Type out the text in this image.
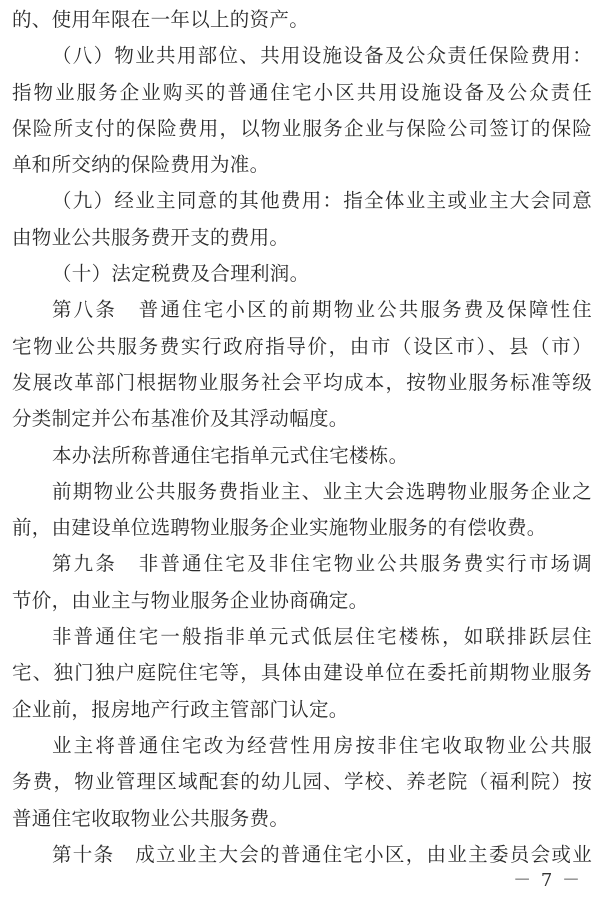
的、使用年限在一年以上的资产。
（八）物业共用部位、共用设施设备及公众责任保险费用：
指物业服务企业购买的普通住宅小区共用设施设备及公众责任
保险所支付的保险费用，以物业服务企业与保险公司签订的保险
单和所交纳的保险费用为准。
（九）经业主同意的其他费用：指全体业主或业主大会同意
由物业公共服务费开支的费用。
（十）法定税费及合理利润。
第八条　普通住宅小区的前期物业公共服务费及保障性住
宅物业公共服务费实行政府指导价，由市（设区市）、县（市）
发展改革部门根据物业服务社会平均成本，按物业服务标准等级
分类制定并公布基准价及其浮动幅度。
本办法所称普通住宅指单元式住宅楼栋。
前期物业公共服务费指业主、业主大会选聘物业服务企业之
前，由建设单位选聘物业服务企业实施物业服务的有偿收费。
第九条　非普通住宅及非住宅物业公共服务费实行市场调
节价，由业主与物业服务企业协商确定。
非普通住宅一般指非单元式低层住宅楼栋，如联排跃层住
宅、独门独户庭院住宅等，具体由建设单位在委托前期物业服务
企业前，报房地产行政主管部门认定。
业主将普通住宅改为经营性用房按非住宅收取物业公共服
务费，物业管理区域配套的幼儿园、学校、养老院（福利院）按
普通住宅收取物业公共服务费。
第十条　成立业主大会的普通住宅小区，由业主委员会或业
－ 7 －
